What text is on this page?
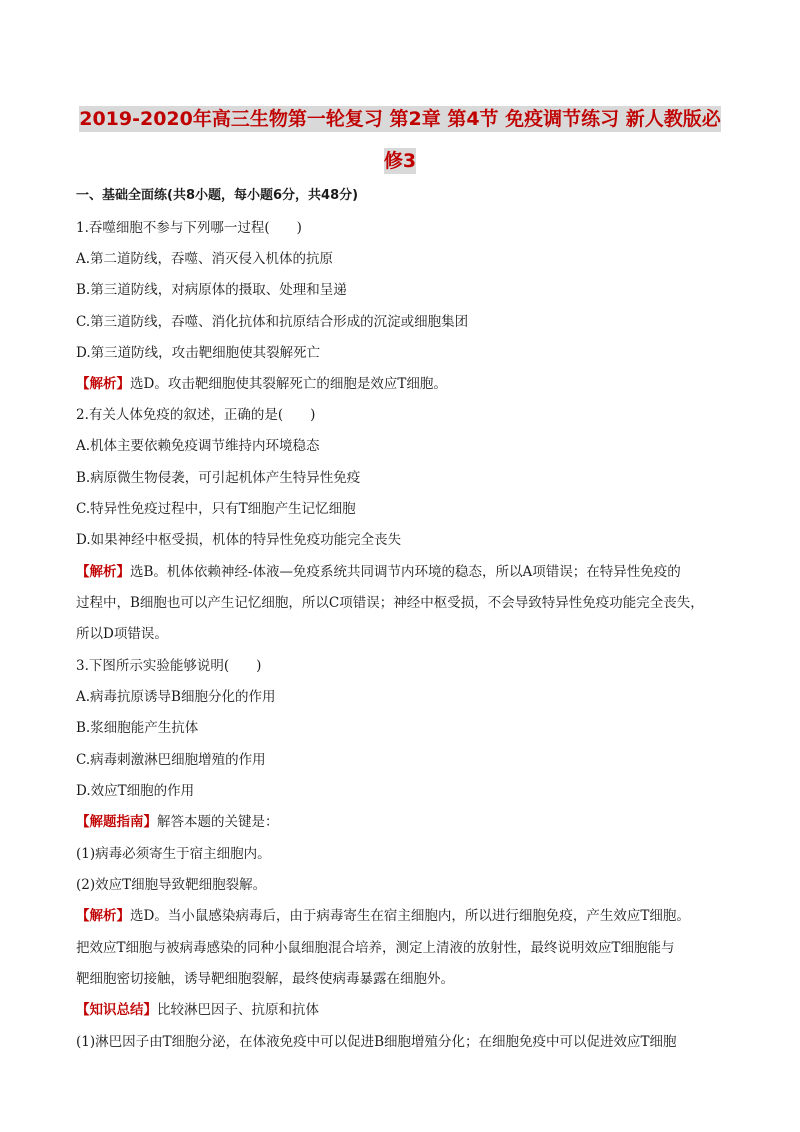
2019-2020年高三生物第一轮复习 第2章 第4节 免疫调节练习 新人教版必
修3
一、基础全面练(共8小题，每小题6分，共48分)
1.吞噬细胞不参与下列哪一过程(　　)
A.第二道防线，吞噬、消灭侵入机体的抗原
B.第三道防线，对病原体的摄取、处理和呈递
C.第三道防线，吞噬、消化抗体和抗原结合形成的沉淀或细胞集团
D.第三道防线，攻击靶细胞使其裂解死亡
【解析】选D。攻击靶细胞使其裂解死亡的细胞是效应T细胞。
2.有关人体免疫的叙述，正确的是(　　)
A.机体主要依赖免疫调节维持内环境稳态
B.病原微生物侵袭，可引起机体产生特异性免疫
C.特异性免疫过程中，只有T细胞产生记忆细胞
D.如果神经中枢受损，机体的特异性免疫功能完全丧失
【解析】选B。机体依赖神经-体液—免疫系统共同调节内环境的稳态，所以A项错误；在特异性免疫的
过程中，B细胞也可以产生记忆细胞，所以C项错误；神经中枢受损，不会导致特异性免疫功能完全丧失，
所以D项错误。
3.下图所示实验能够说明(　　)
A.病毒抗原诱导B细胞分化的作用
B.浆细胞能产生抗体
C.病毒刺激淋巴细胞增殖的作用
D.效应T细胞的作用
【解题指南】解答本题的关键是：
(1)病毒必须寄生于宿主细胞内。
(2)效应T细胞导致靶细胞裂解。
【解析】选D。当小鼠感染病毒后，由于病毒寄生在宿主细胞内，所以进行细胞免疫，产生效应T细胞。
把效应T细胞与被病毒感染的同种小鼠细胞混合培养，测定上清液的放射性，最终说明效应T细胞能与
靶细胞密切接触，诱导靶细胞裂解，最终使病毒暴露在细胞外。
【知识总结】比较淋巴因子、抗原和抗体
(1)淋巴因子由T细胞分泌，在体液免疫中可以促进B细胞增殖分化；在细胞免疫中可以促进效应T细胞
